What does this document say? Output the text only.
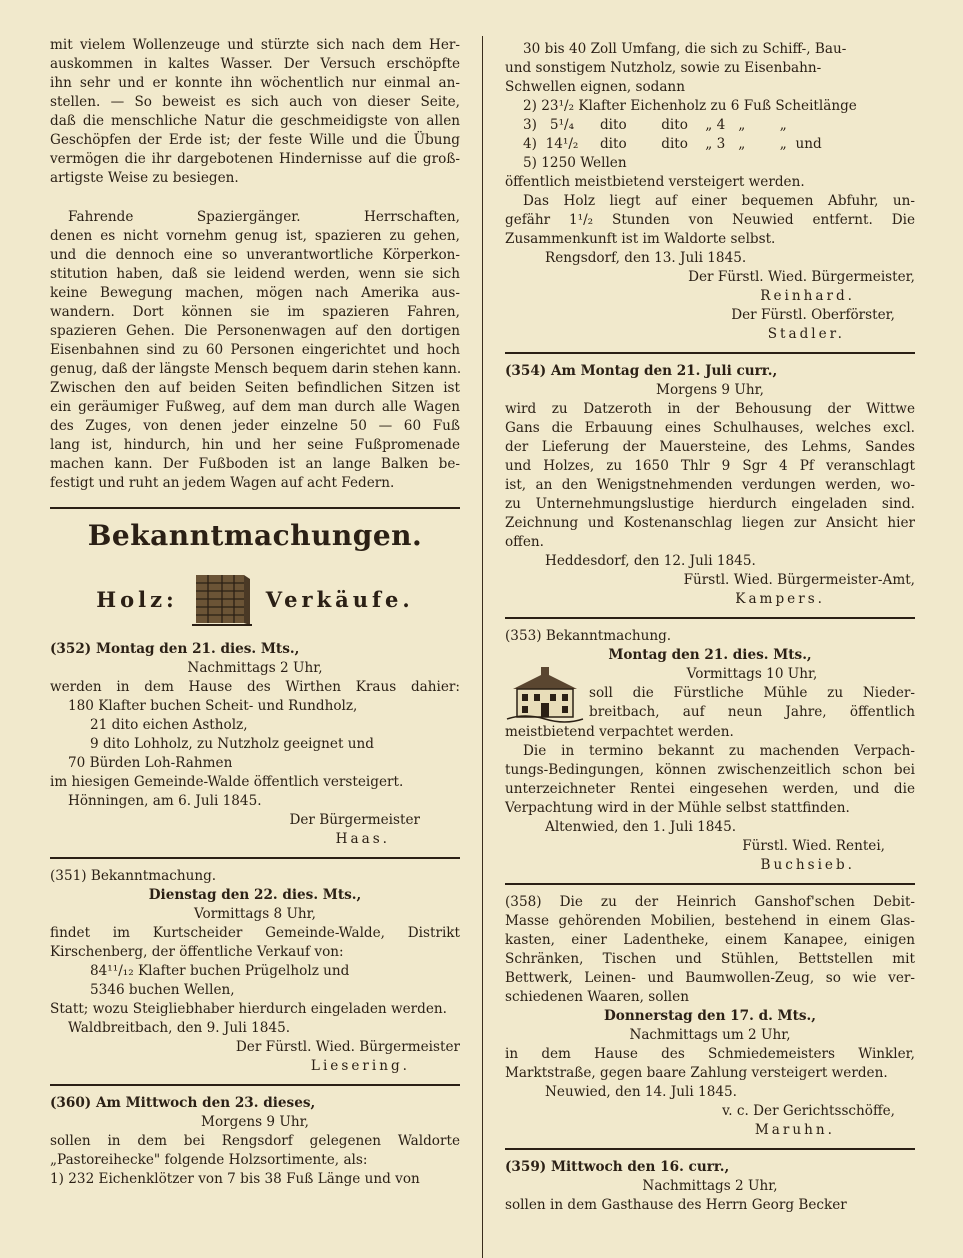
mit vielem Wollenzeuge und stürzte sich nach dem Her-
auskommen in kaltes Wasser. Der Versuch erschöpfte
ihn sehr und er konnte ihn wöchentlich nur einmal an-
stellen. — So beweist es sich auch von dieser Seite,
daß die menschliche Natur die geschmeidigste von allen
Geschöpfen der Erde ist; der feste Wille und die Übung
vermögen die ihr dargebotenen Hindernisse auf die groß-
artigste Weise zu besiegen.
Fahrende Spaziergänger. Herrschaften,
denen es nicht vornehm genug ist, spazieren zu gehen,
und die dennoch eine so unverantwortliche Körperkon-
stitution haben, daß sie leidend werden, wenn sie sich
keine Bewegung machen, mögen nach Amerika aus-
wandern. Dort können sie im spazieren Fahren,
spazieren Gehen. Die Personenwagen auf den dortigen
Eisenbahnen sind zu 60 Personen eingerichtet und hoch
genug, daß der längste Mensch bequem darin stehen kann.
Zwischen den auf beiden Seiten befindlichen Sitzen ist
ein geräumiger Fußweg, auf dem man durch alle Wagen
des Zuges, von denen jeder einzelne 50 — 60 Fuß
lang ist, hindurch, hin und her seine Fußpromenade
machen kann. Der Fußboden ist an lange Balken be-
festigt und ruht an jedem Wagen auf acht Federn.
Bekanntmachungen.
Holz:	Verkäufe.
(352) Montag den 21. dies. Mts.,
Nachmittags 2 Uhr,
werden in dem Hause des Wirthen Kraus dahier:
180 Klafter buchen Scheit- und Rundholz,
21 dito eichen Astholz,
9 dito Lohholz, zu Nutzholz geeignet und
70 Bürden Loh-Rahmen
im hiesigen Gemeinde-Walde öffentlich versteigert.
Hönningen, am 6. Juli 1845.
Der Bürgermeister
Haas.
(351) Bekanntmachung.
Dienstag den 22. dies. Mts.,
Vormittags 8 Uhr,
findet im Kurtscheider Gemeinde-Walde, Distrikt
Kirschenberg, der öffentliche Verkauf von:
84¹¹/₁₂ Klafter buchen Prügelholz und
5346 buchen Wellen,
Statt; wozu Steigliebhaber hierdurch eingeladen werden.
Waldbreitbach, den 9. Juli 1845.
Der Fürstl. Wied. Bürgermeister
Liesering.
(360) Am Mittwoch den 23. dieses,
Morgens 9 Uhr,
sollen in dem bei Rengsdorf gelegenen Waldorte
„Pastoreihecke" folgende Holzsortimente, als:
1) 232 Eichenklötzer von 7 bis 38 Fuß Länge und von
30 bis 40 Zoll Umfang, die sich zu Schiff-, Bau-
und sonstigem Nutzholz, sowie zu Eisenbahn-
Schwellen eignen, sodann
2) 23¹/₂ Klafter Eichenholz zu 6 Fuß Scheitlänge
3)   5¹/₄      dito        dito    „ 4   „        „
4)  14¹/₂     dito        dito    „ 3   „        „  und
5) 1250 Wellen
öffentlich meistbietend versteigert werden.
Das Holz liegt auf einer bequemen Abfuhr, un-
gefähr 1¹/₂ Stunden von Neuwied entfernt. Die
Zusammenkunft ist im Waldorte selbst.
Rengsdorf, den 13. Juli 1845.
Der Fürstl. Wied. Bürgermeister,
Reinhard.
Der Fürstl. Oberförster,
Stadler.
(354) Am Montag den 21. Juli curr.,
Morgens 9 Uhr,
wird zu Datzeroth in der Behousung der Wittwe
Gans die Erbauung eines Schulhauses, welches excl.
der Lieferung der Mauersteine, des Lehms, Sandes
und Holzes, zu 1650 Thlr 9 Sgr 4 Pf veranschlagt
ist, an den Wenigstnehmenden verdungen werden, wo-
zu Unternehmungslustige hierdurch eingeladen sind.
Zeichnung und Kostenanschlag liegen zur Ansicht hier
offen.
Heddesdorf, den 12. Juli 1845.
Fürstl. Wied. Bürgermeister-Amt,
Kampers.
(353) Bekanntmachung.
Montag den 21. dies. Mts.,
Vormittags 10 Uhr,
soll die Fürstliche Mühle zu Nieder-
breitbach, auf neun Jahre, öffentlich
meistbietend verpachtet werden.
Die in termino bekannt zu machenden Verpach-
tungs-Bedingungen, können zwischenzeitlich schon bei
unterzeichneter Rentei eingesehen werden, und die
Verpachtung wird in der Mühle selbst stattfinden.
Altenwied, den 1. Juli 1845.
Fürstl. Wied. Rentei,
Buchsieb.
(358) Die zu der Heinrich Ganshof'schen Debit-
Masse gehörenden Mobilien, bestehend in einem Glas-
kasten, einer Ladentheke, einem Kanapee, einigen
Schränken, Tischen und Stühlen, Bettstellen mit
Bettwerk, Leinen- und Baumwollen-Zeug, so wie ver-
schiedenen Waaren, sollen
Donnerstag den 17. d. Mts.,
Nachmittags um 2 Uhr,
in dem Hause des Schmiedemeisters Winkler,
Marktstraße, gegen baare Zahlung versteigert werden.
Neuwied, den 14. Juli 1845.
v. c. Der Gerichtsschöffe,
Maruhn.
(359) Mittwoch den 16. curr.,
Nachmittags 2 Uhr,
sollen in dem Gasthause des Herrn Georg Becker
